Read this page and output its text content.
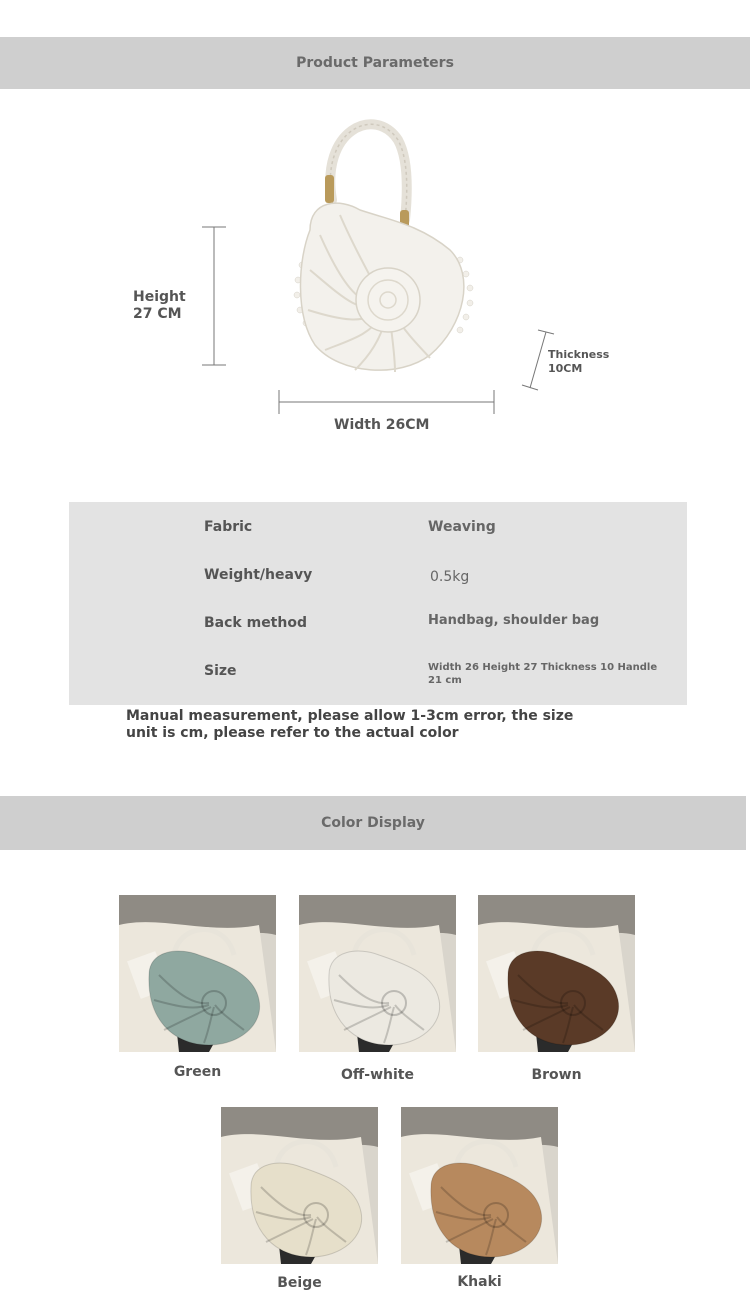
Product Parameters
Height 27 CM
Width 26CM
Thickness 10CM
Fabric	Weaving
Weight/heavy	0.5kg
Back method	Handbag, shoulder bag
Size	Width 26 Height 27 Thickness 10 Handle 21 cm
Manual measurement, please allow 1-3cm error, the size unit is cm, please refer to the actual color
Color Display
Green	Off-white	Brown
Beige	Khaki
